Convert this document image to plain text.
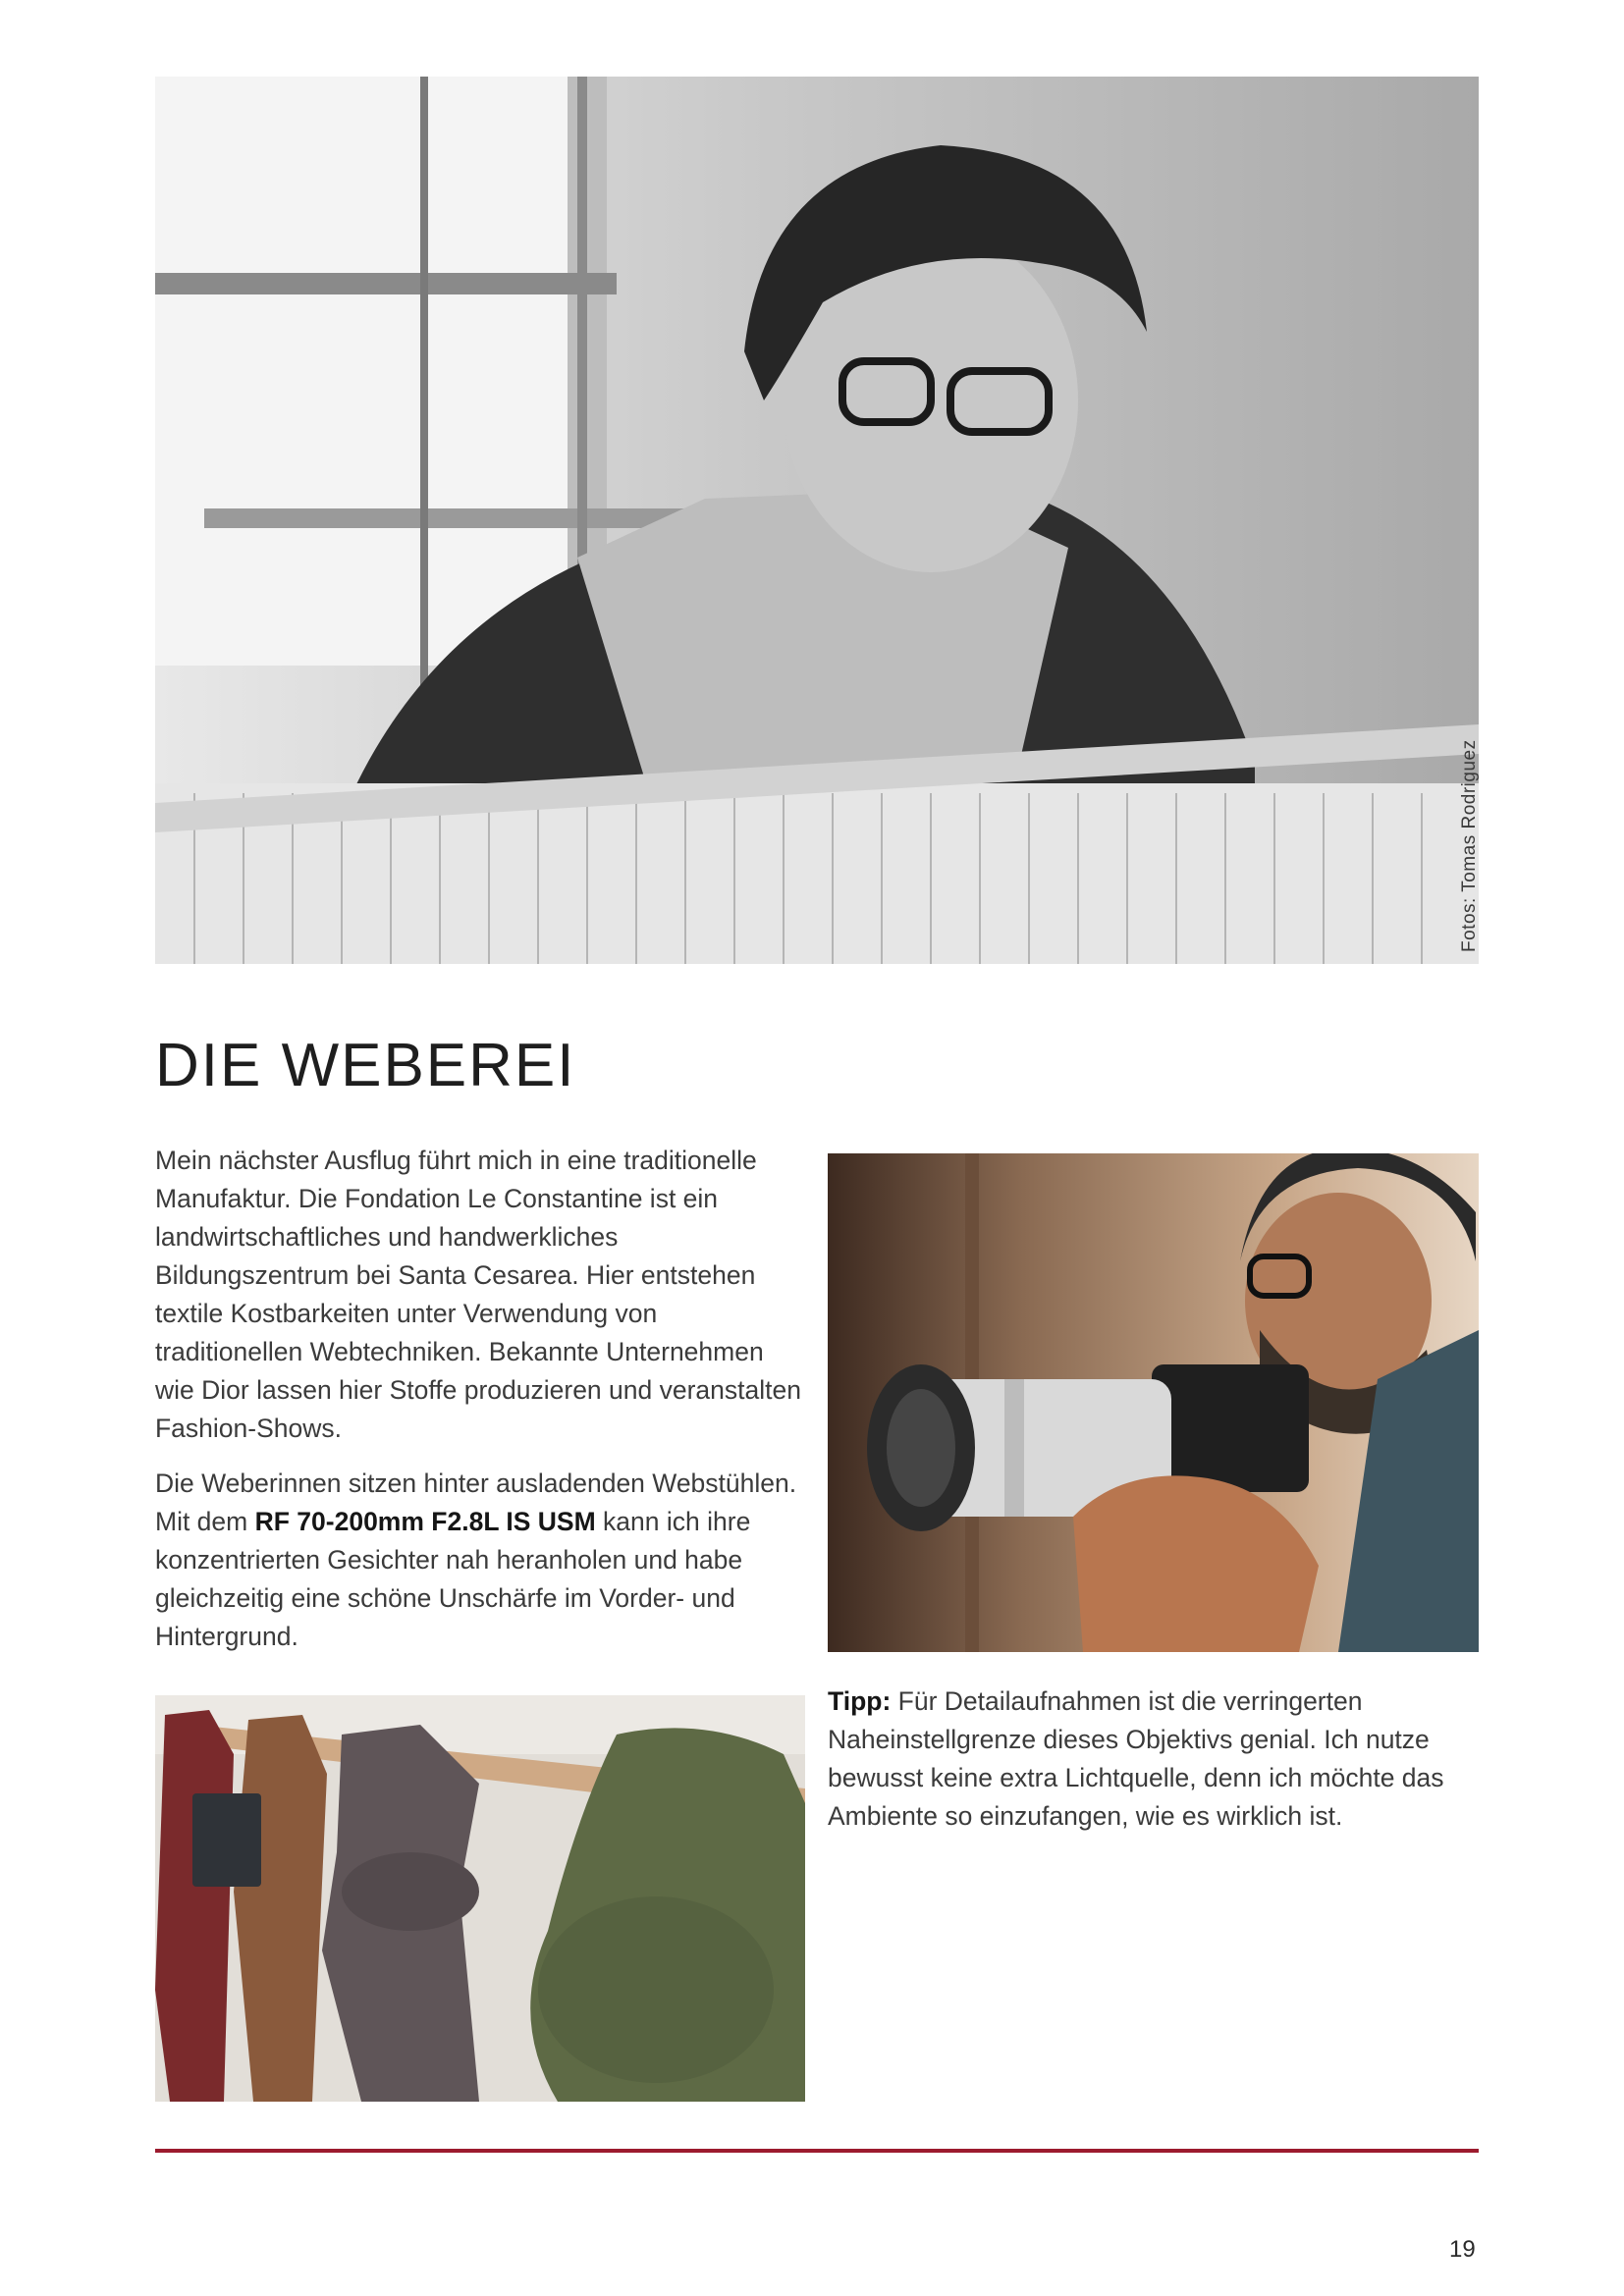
Fotos: Tomas Rodriguez
DIE WEBEREI

Mein nächster Ausflug führt mich in eine traditionelle Manufaktur. Die Fondation Le Constantine ist ein landwirtschaftliches und handwerkliches Bildungszentrum bei Santa Cesarea. Hier entstehen textile Kostbarkeiten unter Verwendung von traditionellen Webtechniken. Bekannte Unternehmen wie Dior lassen hier Stoffe produzieren und veranstalten Fashion-Shows.

Die Weberinnen sitzen hinter ausladenden Webstühlen. Mit dem RF 70-200mm F2.8L IS USM kann ich ihre konzentrierten Gesichter nah heranholen und habe gleichzeitig eine schöne Unschärfe im Vorder- und Hintergrund.

Tipp: Für Detailaufnahmen ist die verringerten Naheinstellgrenze dieses Objektivs genial. Ich nutze bewusst keine extra Lichtquelle, denn ich möchte das Ambiente so einzufangen, wie es wirklich ist.

19
